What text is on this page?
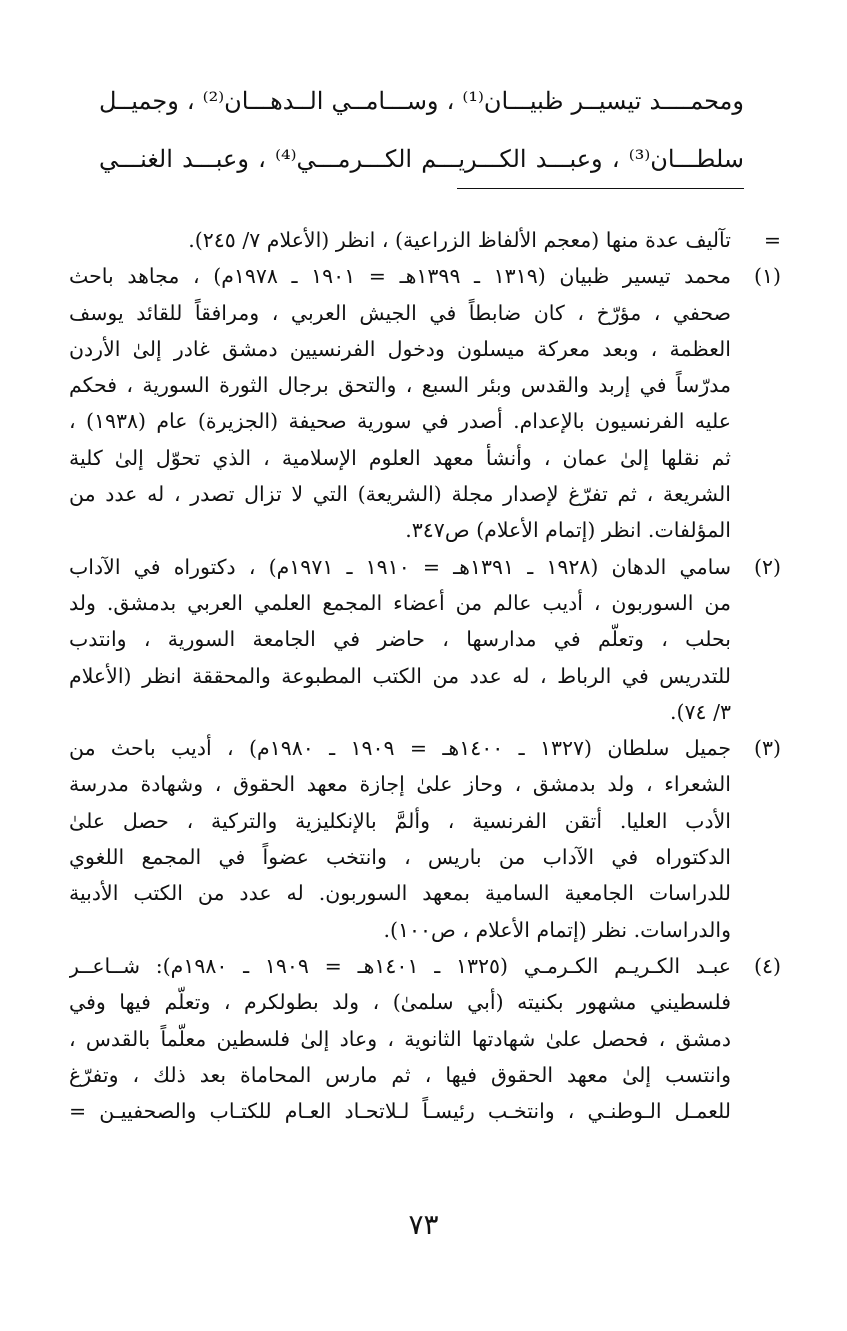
ومحمــــد تيسيــر ظبيـــان⁽¹⁾ ، وســـامــي الــدهـــان⁽²⁾ ، وجميــل
سلطـــان⁽³⁾ ، وعبـــد الكـــريـــم الكـــرمـــي⁽⁴⁾ ، وعبـــد الغنـــي
=
تآليف عدة منها (معجم الألفاظ الزراعية) ، انظر (الأعلام ٧/ ٢٤٥).
(١)
محمد تيسير ظبيان (١٣١٩ ـ ١٣٩٩هـ = ١٩٠١ ـ ١٩٧٨م) ، مجاهد باحث
صحفي ، مؤرّخ ، كان ضابطاً في الجيش العربي ، ومرافقاً للقائد يوسف
العظمة ، وبعد معركة ميسلون ودخول الفرنسيين دمشق غادر إلىٰ الأردن
مدرّساً في إربد والقدس وبئر السبع ، والتحق برجال الثورة السورية ، فحكم
عليه الفرنسيون بالإعدام. أصدر في سورية صحيفة (الجزيرة) عام (١٩٣٨) ،
ثم نقلها إلىٰ عمان ، وأنشأ معهد العلوم الإسلامية ، الذي تحوّل إلىٰ كلية
الشريعة ، ثم تفرّغ لإصدار مجلة (الشريعة) التي لا تزال تصدر ، له عدد من
المؤلفات. انظر (إتمام الأعلام) ص٣٤٧.
(٢)
سامي الدهان (١٩٢٨ ـ ١٣٩١هـ = ١٩١٠ ـ ١٩٧١م) ، دكتوراه في الآداب
من السوربون ، أديب عالم من أعضاء المجمع العلمي العربي بدمشق. ولد
بحلب ، وتعلّم في مدارسها ، حاضر في الجامعة السورية ، وانتدب
للتدريس في الرباط ، له عدد من الكتب المطبوعة والمحققة انظر (الأعلام
٣/ ٧٤).
(٣)
جميل سلطان (١٣٢٧ ـ ١٤٠٠هـ = ١٩٠٩ ـ ١٩٨٠م) ، أديب باحث من
الشعراء ، ولد بدمشق ، وحاز علىٰ إجازة معهد الحقوق ، وشهادة مدرسة
الأدب العليا. أتقن الفرنسية ، وألمَّ بالإنكليزية والتركية ، حصل علىٰ
الدكتوراه في الآداب من باريس ، وانتخب عضواً في المجمع اللغوي
للدراسات الجامعية السامية بمعهد السوربون. له عدد من الكتب الأدبية
والدراسات. نظر (إتمام الأعلام ، ص١٠٠).
(٤)
عبـد الكـريـم الكـرمـي (١٣٢٥ ـ ١٤٠١هـ = ١٩٠٩ ـ ١٩٨٠م): شــاعــر
فلسطيني مشهور بكنيته (أبي سلمىٰ) ، ولد بطولكرم ، وتعلّم فيها وفي
دمشق ، فحصل علىٰ شهادتها الثانوية ، وعاد إلىٰ فلسطين معلّماً بالقدس ،
وانتسب إلىٰ معهد الحقوق فيها ، ثم مارس المحاماة بعد ذلك ، وتفرّغ
للعمـل الـوطنـي ، وانتخـب رئيسـاً لـلاتحـاد العـام للكتـاب والصحفييـن =
٧٣
